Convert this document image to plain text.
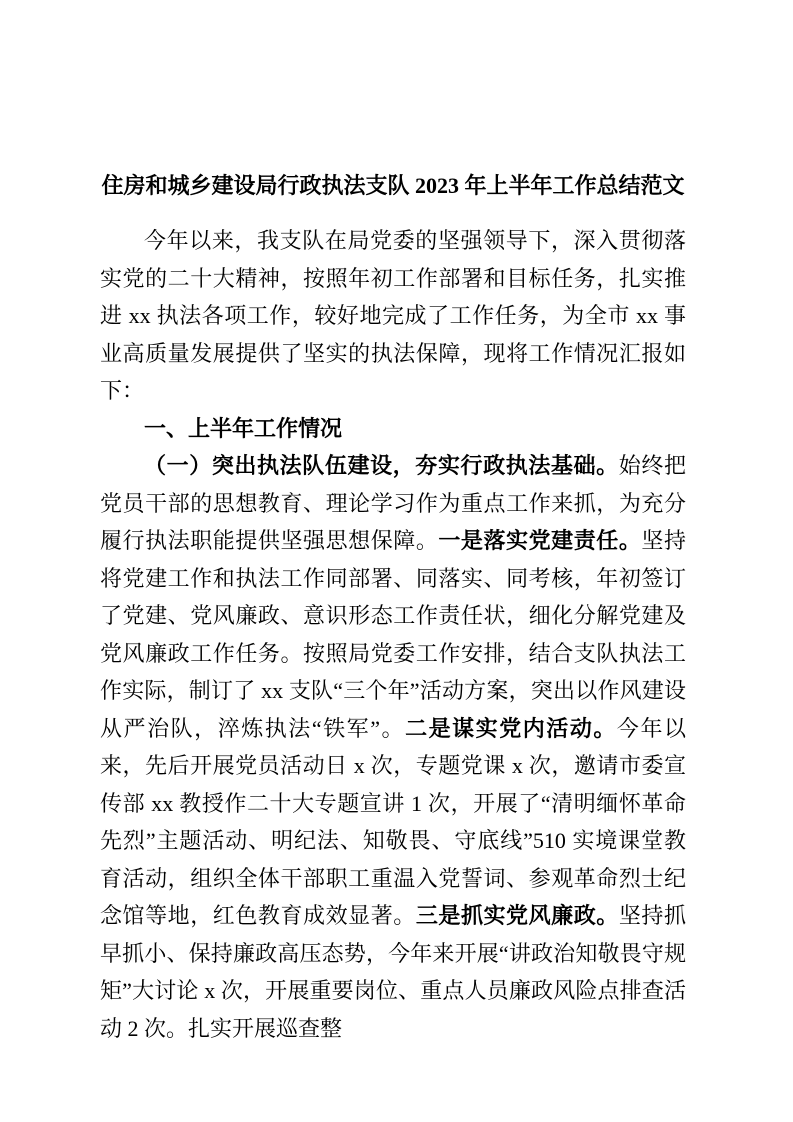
住房和城乡建设局行政执法支队 2023 年上半年工作总结范文

今年以来，我支队在局党委的坚强领导下，深入贯彻落实党的二十大精神，按照年初工作部署和目标任务，扎实推进 xx 执法各项工作，较好地完成了工作任务，为全市 xx 事业高质量发展提供了坚实的执法保障，现将工作情况汇报如下：

一、上半年工作情况

（一）突出执法队伍建设，夯实行政执法基础。始终把党员干部的思想教育、理论学习作为重点工作来抓，为充分履行执法职能提供坚强思想保障。一是落实党建责任。坚持将党建工作和执法工作同部署、同落实、同考核，年初签订了党建、党风廉政、意识形态工作责任状，细化分解党建及党风廉政工作任务。按照局党委工作安排，结合支队执法工作实际，制订了 xx 支队“三个年”活动方案，突出以作风建设从严治队，淬炼执法“铁军”。二是谋实党内活动。今年以来，先后开展党员活动日 x 次，专题党课 x 次，邀请市委宣传部 xx 教授作二十大专题宣讲 1 次，开展了“清明缅怀革命先烈”主题活动、明纪法、知敬畏、守底线”510 实境课堂教育活动，组织全体干部职工重温入党誓词、参观革命烈士纪念馆等地，红色教育成效显著。三是抓实党风廉政。坚持抓早抓小、保持廉政高压态势，今年来开展“讲政治知敬畏守规矩”大讨论 x 次，开展重要岗位、重点人员廉政风险点排查活动 2 次。扎实开展巡查整
